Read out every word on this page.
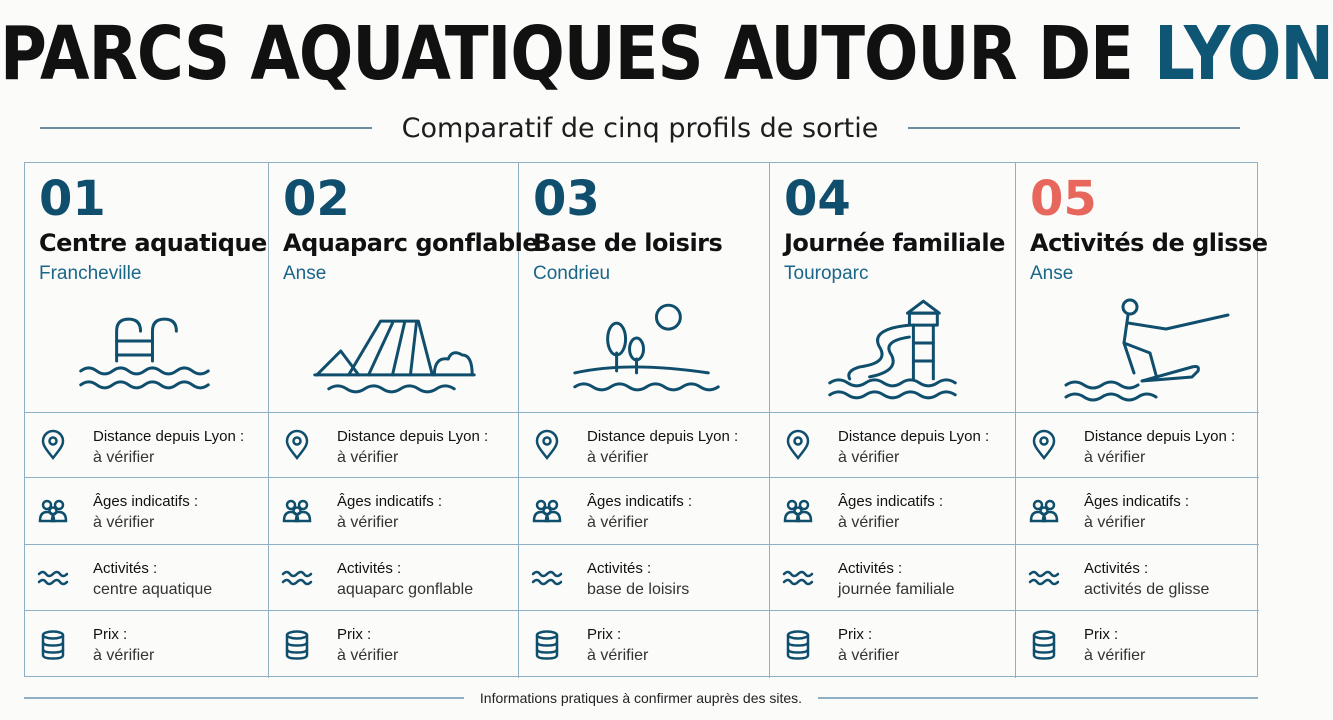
PARCS AQUATIQUES AUTOUR DE LYON
Comparatif de cinq profils de sortie
01
Centre aquatique
Francheville
02
Aquaparc gonflable
Anse
03
Base de loisirs
Condrieu
04
Journée familiale
Touroparc
05
Activités de glisse
Anse
Distance depuis Lyon :
à vérifier
Distance depuis Lyon :
à vérifier
Distance depuis Lyon :
à vérifier
Distance depuis Lyon :
à vérifier
Distance depuis Lyon :
à vérifier
Âges indicatifs :
à vérifier
Âges indicatifs :
à vérifier
Âges indicatifs :
à vérifier
Âges indicatifs :
à vérifier
Âges indicatifs :
à vérifier
Activités :
centre aquatique
Activités :
aquaparc gonflable
Activités :
base de loisirs
Activités :
journée familiale
Activités :
activités de glisse
Prix :
à vérifier
Prix :
à vérifier
Prix :
à vérifier
Prix :
à vérifier
Prix :
à vérifier
Informations pratiques à confirmer auprès des sites.
